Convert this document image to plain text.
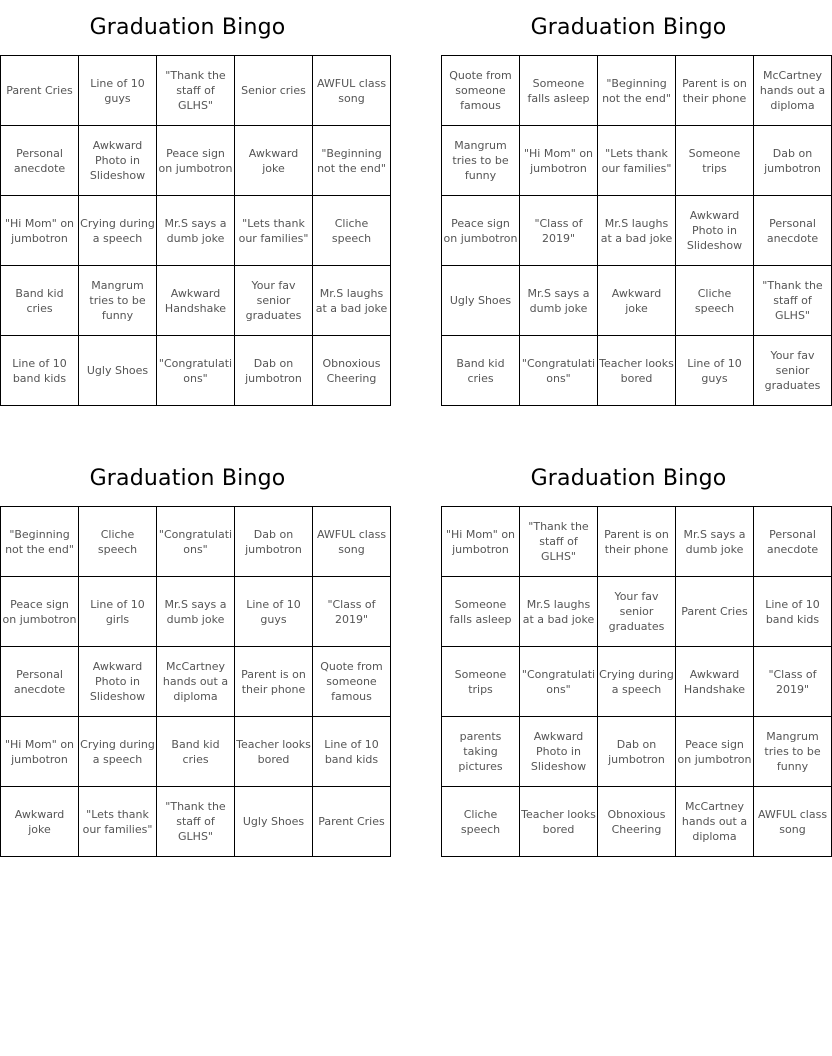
Graduation Bingo
Parent Cries	Line of 10 guys	"Thank the staff of GLHS"	Senior cries	AWFUL class song
Personal anecdote	Awkward Photo in Slideshow	Peace sign on jumbotron	Awkward joke	"Beginning not the end"
"Hi Mom" on jumbotron	Crying during a speech	Mr.S says a dumb joke	"Lets thank our families"	Cliche speech
Band kid cries	Mangrum tries to be funny	Awkward Handshake	Your fav senior graduates	Mr.S laughs at a bad joke
Line of 10 band kids	Ugly Shoes	"Congratulations"	Dab on jumbotron	Obnoxious Cheering
Graduation Bingo
Quote from someone famous	Someone falls asleep	"Beginning not the end"	Parent is on their phone	McCartney hands out a diploma
Mangrum tries to be funny	"Hi Mom" on jumbotron	"Lets thank our families"	Someone trips	Dab on jumbotron
Peace sign on jumbotron	"Class of 2019"	Mr.S laughs at a bad joke	Awkward Photo in Slideshow	Personal anecdote
Ugly Shoes	Mr.S says a dumb joke	Awkward joke	Cliche speech	"Thank the staff of GLHS"
Band kid cries	"Congratulations"	Teacher looks bored	Line of 10 guys	Your fav senior graduates
Graduation Bingo
"Beginning not the end"	Cliche speech	"Congratulations"	Dab on jumbotron	AWFUL class song
Peace sign on jumbotron	Line of 10 girls	Mr.S says a dumb joke	Line of 10 guys	"Class of 2019"
Personal anecdote	Awkward Photo in Slideshow	McCartney hands out a diploma	Parent is on their phone	Quote from someone famous
"Hi Mom" on jumbotron	Crying during a speech	Band kid cries	Teacher looks bored	Line of 10 band kids
Awkward joke	"Lets thank our families"	"Thank the staff of GLHS"	Ugly Shoes	Parent Cries
Graduation Bingo
"Hi Mom" on jumbotron	"Thank the staff of GLHS"	Parent is on their phone	Mr.S says a dumb joke	Personal anecdote
Someone falls asleep	Mr.S laughs at a bad joke	Your fav senior graduates	Parent Cries	Line of 10 band kids
Someone trips	"Congratulations"	Crying during a speech	Awkward Handshake	"Class of 2019"
parents taking pictures	Awkward Photo in Slideshow	Dab on jumbotron	Peace sign on jumbotron	Mangrum tries to be funny
Cliche speech	Teacher looks bored	Obnoxious Cheering	McCartney hands out a diploma	AWFUL class song
